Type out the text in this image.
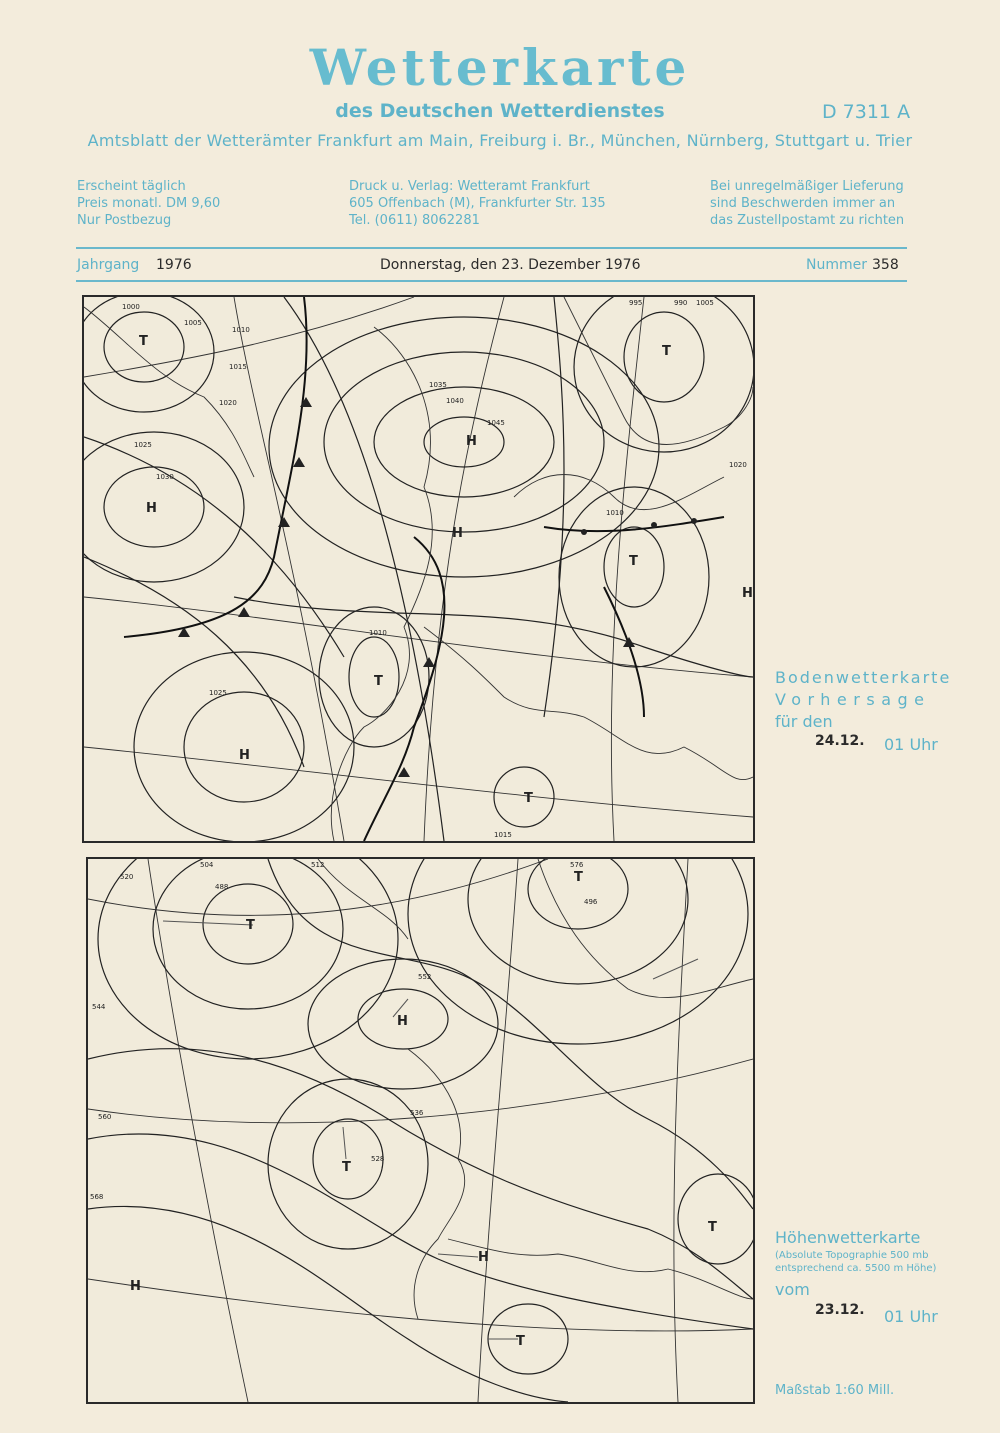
Wetterkarte
des Deutschen Wetterdienstes	D 7311 A
Amtsblatt der Wetterämter Frankfurt am Main, Freiburg i. Br., München, Nürnberg, Stuttgart u. Trier
Erscheint täglich
Preis monatl. DM 9,60
Nur Postbezug
Druck u. Verlag: Wetteramt Frankfurt
605 Offenbach (M), Frankfurter Str. 135
Tel. (0611) 8062281
Bei unregelmäßiger Lieferung
sind Beschwerden immer an
das Zustellpostamt zu richten
Jahrgang 1976	Donnerstag, den 23. Dezember 1976	Nummer 358
T
H
H
T
H
T
T
T
H
H
1000
1005
1010
1015
1020
1025
1030
1035
1040
1045
995	990 1005
1010
1010
1025
1015
1020
Bodenwetterkarte
Vorhersage
für den
24.12. 01 Uhr
H
T
T
H
T
T
T
H
504	512
520
528
536
544
552
560
568
576
488
496
Höhenwetterkarte
(Absolute Topographie 500 mb entsprechend ca. 5500 m Höhe)
vom
23.12. 01 Uhr
Maßstab 1:60 Mill.
